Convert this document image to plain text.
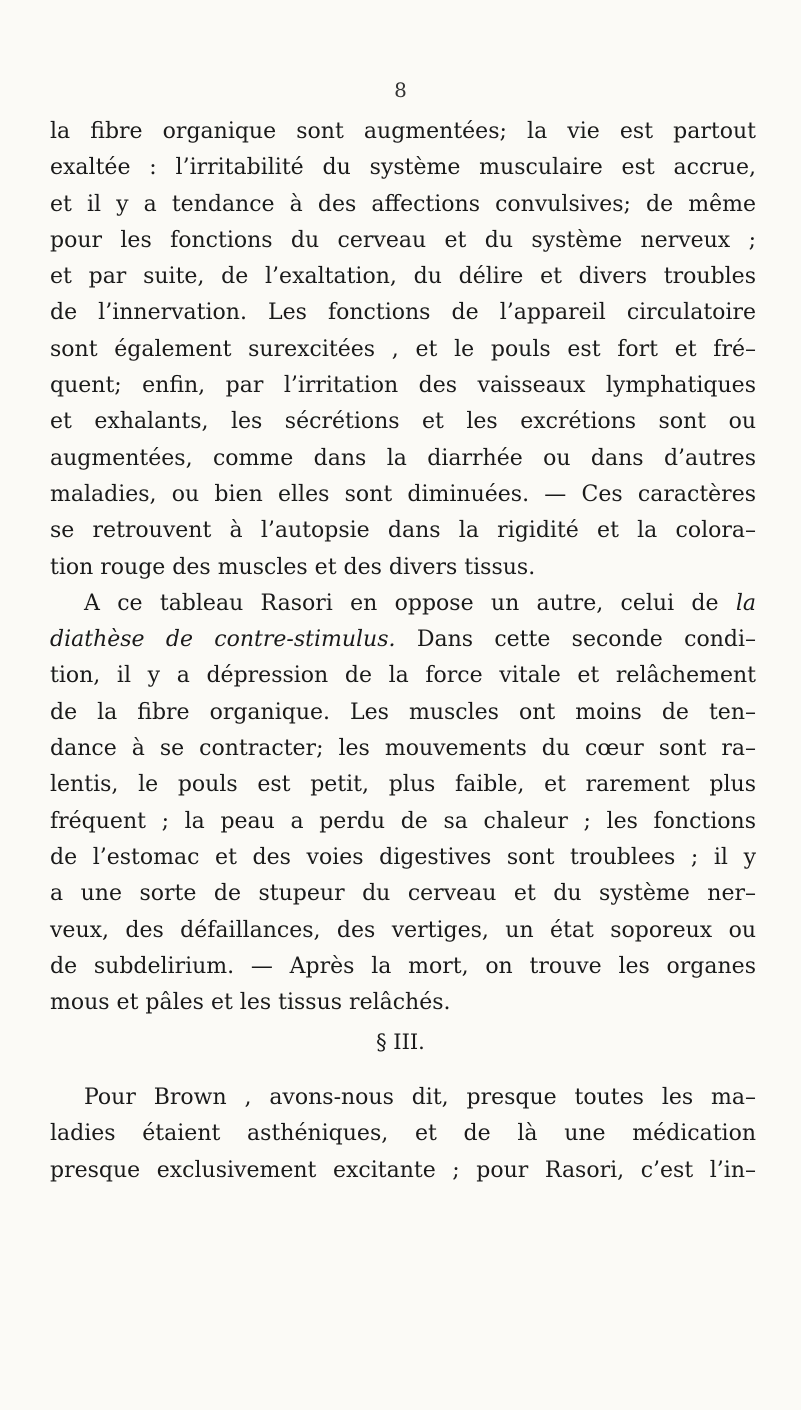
8
la fibre organique sont augmentées; la vie est partout
exaltée : l’irritabilité du système musculaire est accrue,
et il y a tendance à des affections convulsives; de même
pour les fonctions du cerveau et du système nerveux ;
et par suite, de l’exaltation, du délire et divers troubles
de l’innervation. Les fonctions de l’appareil circulatoire
sont également surexcitées , et le pouls est fort et fré–
quent; enfin, par l’irritation des vaisseaux lymphatiques
et exhalants, les sécrétions et les excrétions sont ou
augmentées, comme dans la diarrhée ou dans d’autres
maladies, ou bien elles sont diminuées. — Ces caractères
se retrouvent à l’autopsie dans la rigidité et la colora–
tion rouge des muscles et des divers tissus.
A ce tableau Rasori en oppose un autre, celui de la
diathèse de contre-stimulus. Dans cette seconde condi–
tion, il y a dépression de la force vitale et relâchement
de la fibre organique. Les muscles ont moins de ten–
dance à se contracter; les mouvements du cœur sont ra–
lentis, le pouls est petit, plus faible, et rarement plus
fréquent ; la peau a perdu de sa chaleur ; les fonctions
de l’estomac et des voies digestives sont troublees ; il y
a une sorte de stupeur du cerveau et du système ner–
veux, des défaillances, des vertiges, un état soporeux ou
de subdelirium. — Après la mort, on trouve les organes
mous et pâles et les tissus relâchés.
§ III.
Pour Brown , avons-nous dit, presque toutes les ma–
ladies étaient asthéniques, et de là une médication
presque exclusivement excitante ; pour Rasori, c’est l’in–
